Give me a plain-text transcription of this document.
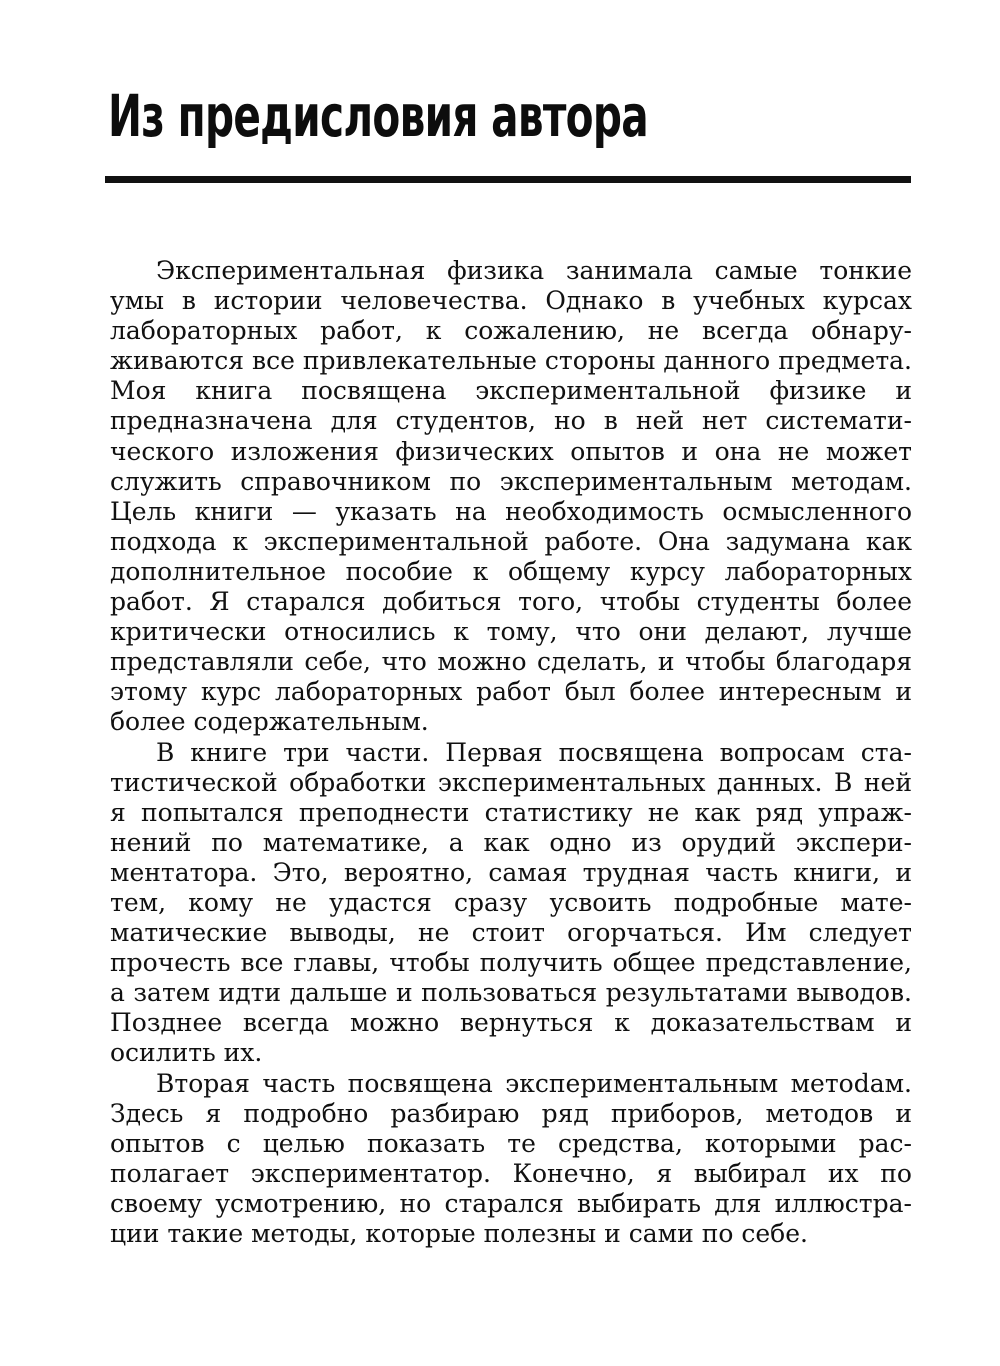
Из предисловия автора

Экспериментальная физика занимала самые тонкие умы в истории человечества. Однако в учебных курсах лабораторных работ, к сожалению, не всегда обнаруживаются все привлекательные стороны данного предмета. Моя книга посвящена экспериментальной физике и предназначена для студентов, но в ней нет систематического изложения физических опытов и она не может служить справочником по экспериментальным методам. Цель книги — указать на необходимость осмысленного подхода к экспериментальной работе. Она задумана как дополнительное пособие к общему курсу лабораторных работ. Я старался добиться того, чтобы студенты более критически относились к тому, что они делают, лучше представляли себе, что можно сделать, и чтобы благодаря этому курс лабораторных работ был более интересным и более содержательным.

В книге три части. Первая посвящена вопросам статистической обработки экспериментальных данных. В ней я попытался преподнести статистику не как ряд упражнений по математике, а как одно из орудий экспериментатора. Это, вероятно, самая трудная часть книги, и тем, кому не удастся сразу усвоить подробные математические выводы, не стоит огорчаться. Им следует прочесть все главы, чтобы получить общее представление, а затем идти дальше и пользоваться результатами выводов. Позднее всегда можно вернуться к доказательствам и осилить их.

Вторая часть посвящена экспериментальным метоdам. Здесь я подробно разбираю ряд приборов, методов и опытов с целью показать те средства, которыми располагает экспериментатор. Конечно, я выбирал их по своему усмотрению, но старался выбирать для иллюстрации такие методы, которые полезны и сами по себе.
